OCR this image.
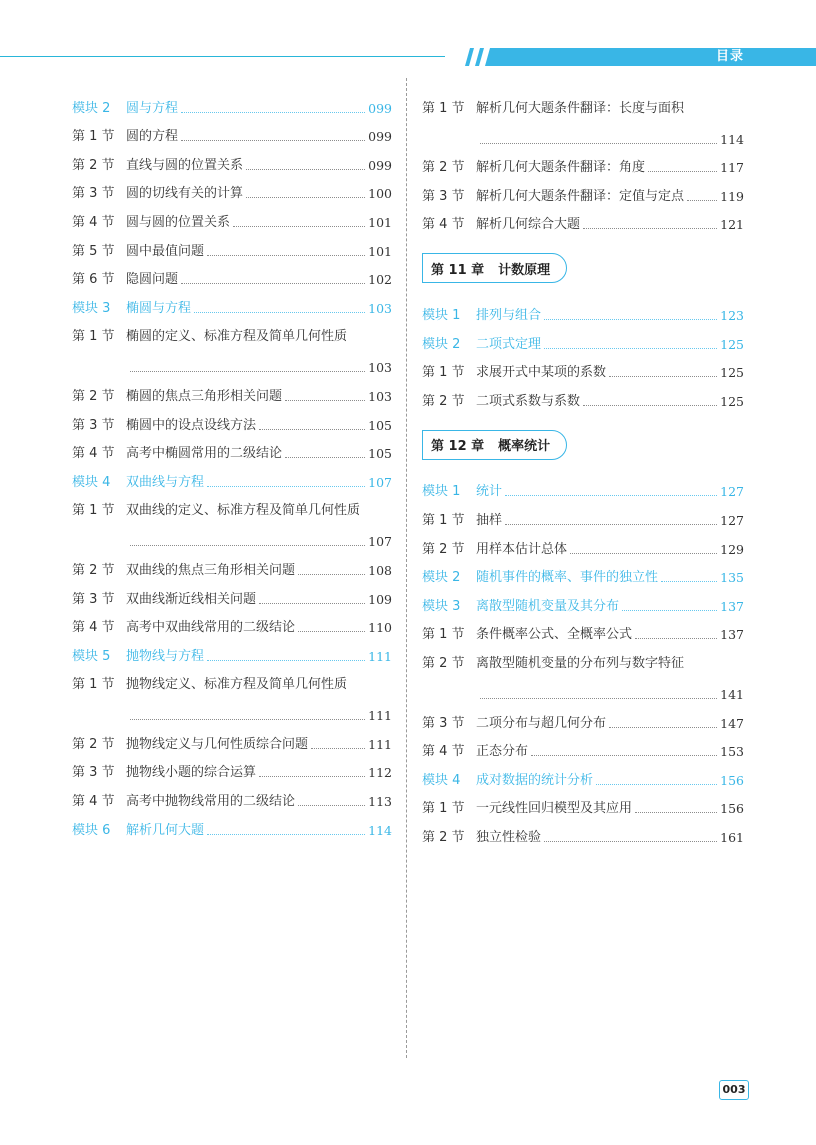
目录
模块 2	圆与方程	099
第 1 节 圆的方程	099
第 2 节 直线与圆的位置关系	099
第 3 节 圆的切线有关的计算	100
第 4 节 圆与圆的位置关系	101
第 5 节 圆中最值问题	101
第 6 节 隐圆问题	102
模块 3	椭圆与方程	103
第 1 节 椭圆的定义、标准方程及简单几何性质
103
第 2 节 椭圆的焦点三角形相关问题	103
第 3 节 椭圆中的设点设线方法	105
第 4 节 高考中椭圆常用的二级结论	105
模块 4	双曲线与方程	107
第 1 节 双曲线的定义、标准方程及简单几何性质
107
第 2 节 双曲线的焦点三角形相关问题	108
第 3 节 双曲线渐近线相关问题	109
第 4 节 高考中双曲线常用的二级结论	110
模块 5	抛物线与方程	111
第 1 节 抛物线定义、标准方程及简单几何性质
111
第 2 节 抛物线定义与几何性质综合问题	111
第 3 节 抛物线小题的综合运算	112
第 4 节 高考中抛物线常用的二级结论	113
模块 6	解析几何大题	114
第 1 节 解析几何大题条件翻译：长度与面积
114
第 2 节 解析几何大题条件翻译：角度	117
第 3 节 解析几何大题条件翻译：定值与定点	119
第 4 节 解析几何综合大题	121
第 11 章 计数原理
模块 1	排列与组合	123
模块 2	二项式定理	125
第 1 节 求展开式中某项的系数	125
第 2 节 二项式系数与系数	125
第 12 章 概率统计
模块 1	统计	127
第 1 节 抽样	127
第 2 节 用样本估计总体	129
模块 2	随机事件的概率、事件的独立性	135
模块 3	离散型随机变量及其分布	137
第 1 节 条件概率公式、全概率公式	137
第 2 节 离散型随机变量的分布列与数字特征
141
第 3 节 二项分布与超几何分布	147
第 4 节 正态分布	153
模块 4	成对数据的统计分析	156
第 1 节 一元线性回归模型及其应用	156
第 2 节 独立性检验	161
003
